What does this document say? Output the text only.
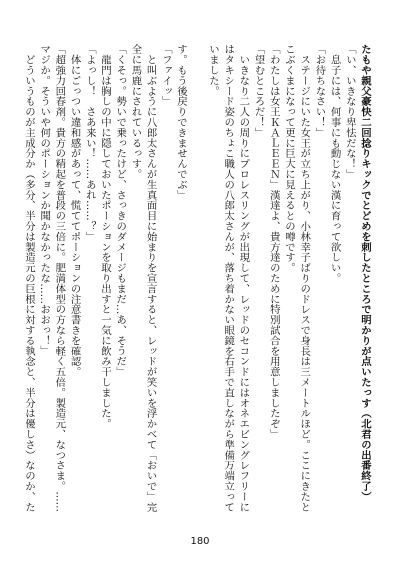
たもや親父豪快二回捻りキックでとどめを刺したところで明かりが点いたっす（北君の出番終了）

「い、いきなり卑怯だな！」

　息子には、何事にも動じない漢に育って欲しい。

「お待ちなさい！」

　ステージにいた女王が立ち上がり、小林幸子ばりのドレスで身長は三メートルほど。ここにきたとこぶくまになって更に巨大に見えるとの噂です。

「わたしは女王ＫＡＬＥＥＮ」漢達よ、貴方達のために特別試合を用意しましたぞ」

「望むところだ！」

　いきなり二人の周りにプロレスリングが出現して、レッドのセコンドにはオネエビングレフリーにはタキシード姿のちょこ職人の八郎太さんが、落ち着かない眼鏡を右手で直しながら準備万端立っていました。

す。もう後戻りできませんでぶ」

「ファイッ」

　と叫ぶように八郎太さんが生真面目に始まりを宣言すると、レッドが笑いを浮かべて「おいで」完全に馬鹿にされているっす。

「くそっ。勢いで乗ったけど、さっきのダメージもまだ…あ、そうだ」

　龍門は胸しの中に隠しておいたポーションを取り出すと一気に飲み干しました。

「よっし！　さあ来い！……あれ……？」

　体にごっつい違和感があって、慌ててポーションの注意書きを確認。

「超強力回春剤。貴方の精起を普段の三倍に。肥満体型の方なら軽く五倍。製造元、なつさま。……マジか。そういや何のポーションか聞かなかったな……おおっ！」

　どういうものが主成分か（多分、半分は製造元の巨根に対する執念と、半分は優しさ）なのか、た

180
